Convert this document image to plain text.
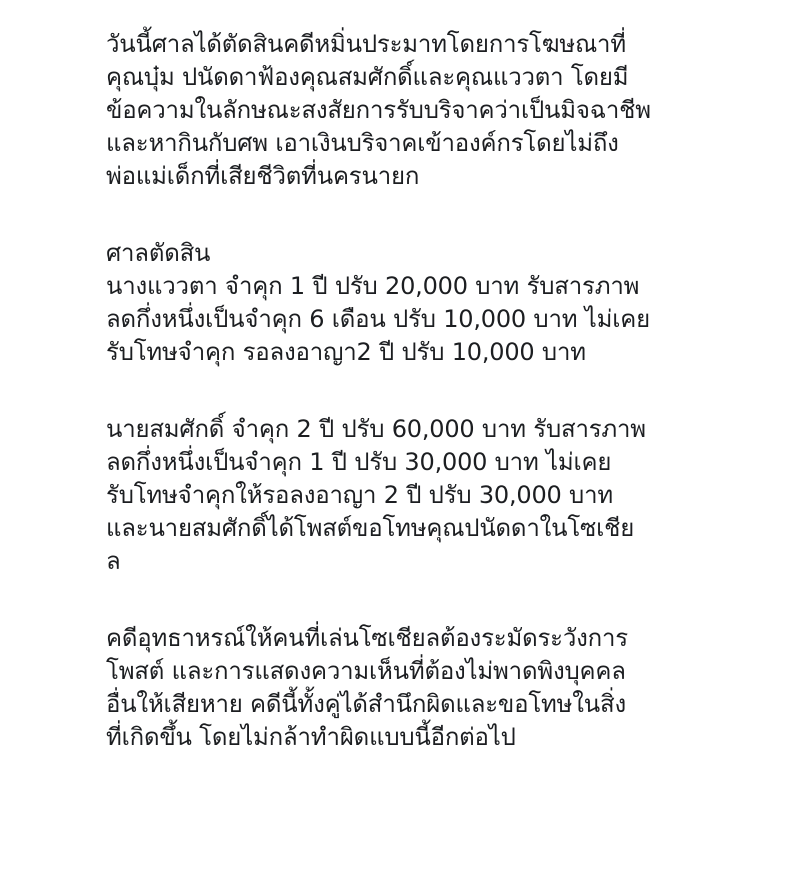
วันนี้ศาลได้ตัดสินคดีหมิ่นประมาทโดยการโฆษณาที่
คุณบุ๋ม ปนัดดาฟ้องคุณสมศักดิ์และคุณแววตา โดยมี
ข้อความในลักษณะสงสัยการรับบริจาคว่าเป็นมิจฉาชีพ
และหากินกับศพ เอาเงินบริจาคเข้าองค์กรโดยไม่ถึง
พ่อแม่เด็กที่เสียชีวิตที่นครนายก
ศาลตัดสิน
นางแววตา จำคุก 1 ปี ปรับ 20,000 บาท รับสารภาพ
ลดกึ่งหนึ่งเป็นจำคุก 6 เดือน ปรับ 10,000 บาท ไม่เคย
รับโทษจำคุก รอลงอาญา2 ปี ปรับ 10,000 บาท
นายสมศักดิ์ จำคุก 2 ปี ปรับ 60,000 บาท รับสารภาพ
ลดกึ่งหนึ่งเป็นจำคุก 1 ปี ปรับ 30,000 บาท ไม่เคย
รับโทษจำคุกให้รอลงอาญา 2 ปี ปรับ 30,000 บาท
และนายสมศักดิ์ได้โพสต์ขอโทษคุณปนัดดาในโซเชีย
ล
คดีอุทธาหรณ์ให้คนที่เล่นโซเชียลต้องระมัดระวังการ
โพสต์ และการแสดงความเห็นที่ต้องไม่พาดพิงบุคคล
อื่นให้เสียหาย คดีนี้ทั้งคู่ได้สำนึกผิดและขอโทษในสิ่ง
ที่เกิดขึ้น โดยไม่กล้าทำผิดแบบนี้อีกต่อไป
